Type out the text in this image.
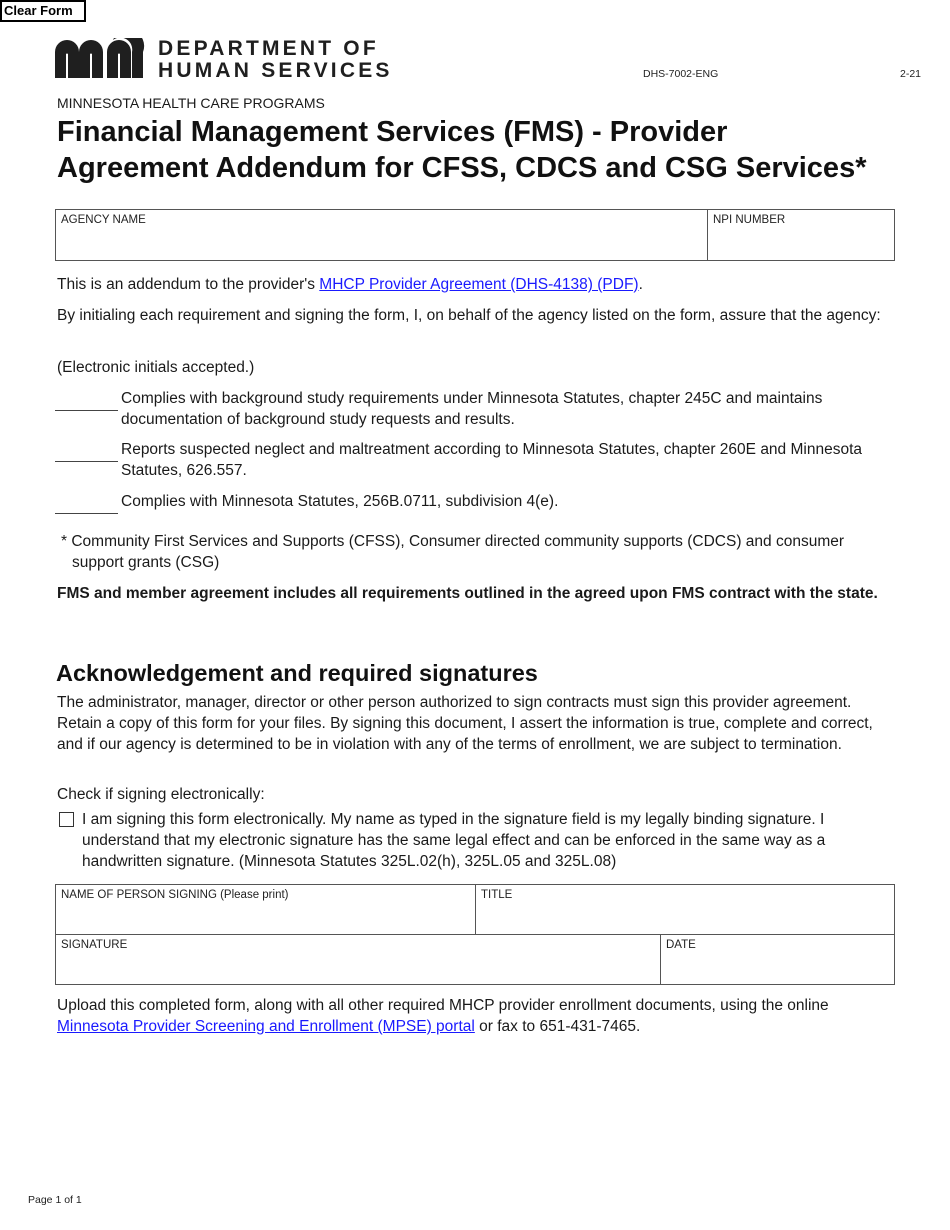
Clear Form
DEPARTMENT OF
HUMAN SERVICES	DHS-7002-ENG	2-21
MINNESOTA HEALTH CARE PROGRAMS
Financial Management Services (FMS) - Provider
Agreement Addendum for CFSS, CDCS and CSG Services*
AGENCY NAME	NPI NUMBER
This is an addendum to the provider's MHCP Provider Agreement (DHS-4138) (PDF).
By initialing each requirement and signing the form, I, on behalf of the agency listed on the form, assure that the agency:
(Electronic initials accepted.)
Complies with background study requirements under Minnesota Statutes, chapter 245C and maintains documentation of background study requests and results.
Reports suspected neglect and maltreatment according to Minnesota Statutes, chapter 260E and Minnesota Statutes, 626.557.
Complies with Minnesota Statutes, 256B.0711, subdivision 4(e).
* Community First Services and Supports (CFSS), Consumer directed community supports (CDCS) and consumer support grants (CSG)
FMS and member agreement includes all requirements outlined in the agreed upon FMS contract with the state.
Acknowledgement and required signatures
The administrator, manager, director or other person authorized to sign contracts must sign this provider agreement. Retain a copy of this form for your files. By signing this document, I assert the information is true, complete and correct, and if our agency is determined to be in violation with any of the terms of enrollment, we are subject to termination.
Check if signing electronically:
I am signing this form electronically. My name as typed in the signature field is my legally binding signature. I understand that my electronic signature has the same legal effect and can be enforced in the same way as a handwritten signature. (Minnesota Statutes 325L.02(h), 325L.05 and 325L.08)
NAME OF PERSON SIGNING (Please print)	TITLE	
SIGNATURE		DATE
Upload this completed form, along with all other required MHCP provider enrollment documents, using the online Minnesota Provider Screening and Enrollment (MPSE) portal or fax to 651-431-7465.
Page 1 of 1
